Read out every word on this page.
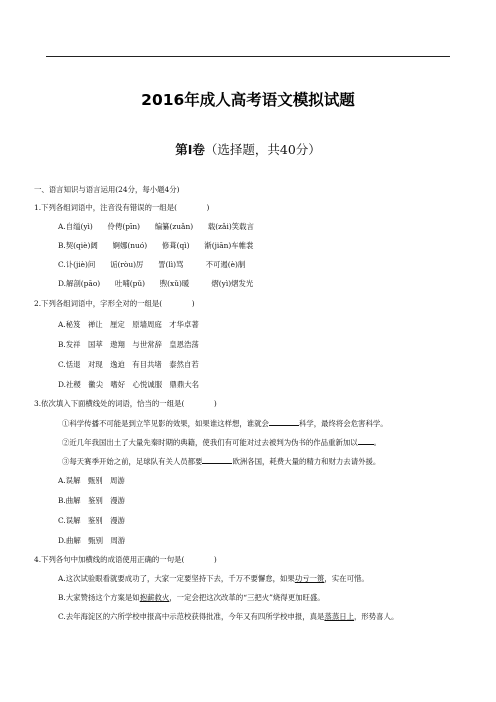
2016年成人高考语文模拟试题
第Ⅰ卷（选择题，共40分）
一、语言知识与语言运用(24分，每小题4分)
1.下列各组词语中，注音没有错误的一组是(　　　　)
A.自缢(yì)　　伶俜(pīn)　　编纂(zuǎn)　　载(zǎi)笑载言
B.契(qiè)阔　　婀娜(nuó)　　修葺(qì)　　渐(jiān)车帷裳
C.讣(jiè)问　　诟(ròu)厉　　詈(lì)骂　　　不可遏(è)制
D.解剖(pāo)　　吐哺(pǔ)　　煦(xǔ)暖　　　熠(yì)熠发光
2.下列各组词语中，字形全对的一组是(　　　　)
A.秘笈　禅让　厘定　原墙周庭　才华卓著
B.发祥　国萃　遨翔　与世常辞　皇恩浩荡
C.恬退　对现　逸迫　有目共堵　泰然自若
D.社稷　黴尖　嗜好　心悦诚服　鼎鼎大名
3.依次填入下面横线处的词语，恰当的一组是(　　　　)
①科学传播不可能是到立竿见影的效果，如果谁这样想，谁就会	科学，最终将会危害科学。
②近几年我国出土了大量先秦时期的典籍，使我们有可能对过去被判为伪书的作品重新加以 。
③每天赛季开始之前，足球队有关人员都要	欧洲各国，耗费大量的精力和财力去请外援。
A.误解　甄别　周游
B.曲解　鉴别　漫游
C.误解　鉴别　漫游
D.曲解　甄别　周游
4.下列各句中加横线的成语使用正确的一句是(　　　　)
A.这次试验眼看就要成功了，大家一定要坚持下去，千万不要懈怠，如果功亏一篑，实在可惜。
B.大家赞扬这个方案是如抱薪救火，一定会把这次改革的“三把火”烧得更加旺盛。
C.去年海淀区的六所学校申报高中示范校获得批准，今年又有四所学校申报，真是蒸蒸日上，形势喜人。
